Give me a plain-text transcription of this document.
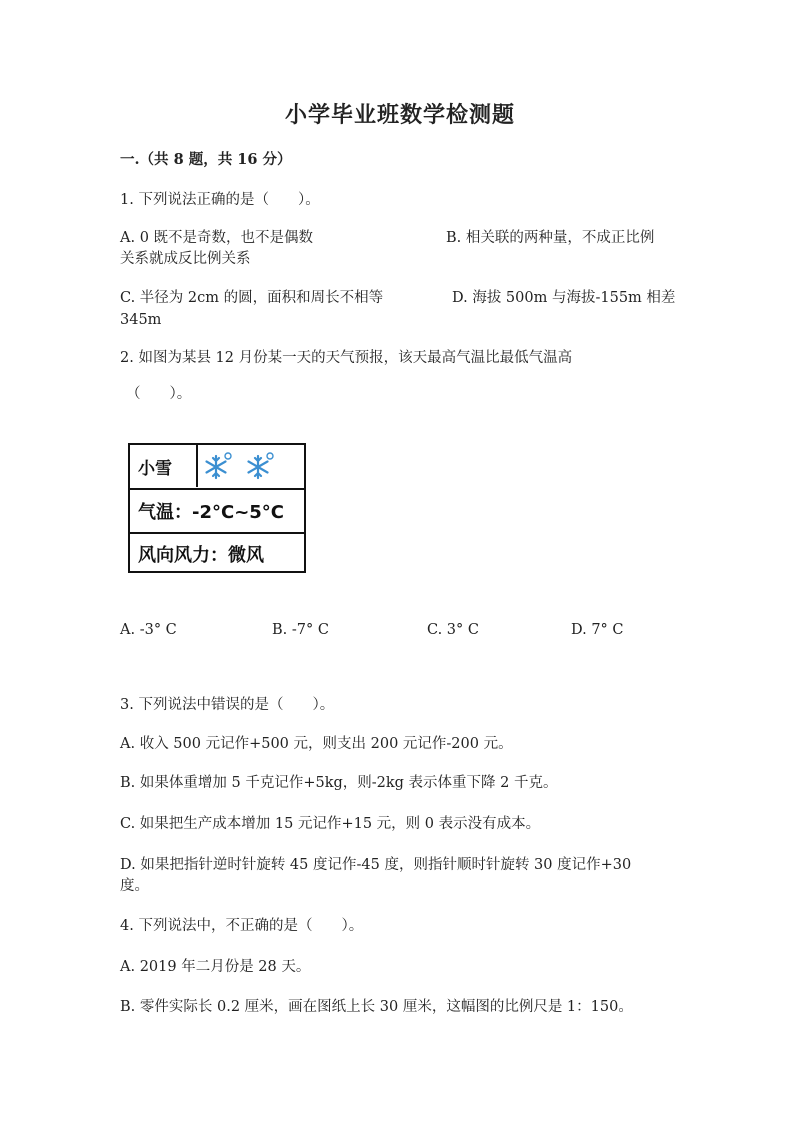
小学毕业班数学检测题
一.（共 8 题，共 16 分）
1. 下列说法正确的是（　　）。
A. 0 既不是奇数，也不是偶数	B. 相关联的两种量，不成正比例
关系就成反比例关系
C. 半径为 2cm 的圆，面积和周长不相等	D. 海拔 500m 与海拔-155m 相差
345m
2. 如图为某县 12 月份某一天的天气预报，该天最高气温比最低气温高
（　　）。
小雪
气温：-2°C~5°C
风向风力：微风
A. -3° C	B. -7° C	C. 3° C	D. 7° C
3. 下列说法中错误的是（　　）。
A. 收入 500 元记作+500 元，则支出 200 元记作-200 元。
B. 如果体重增加 5 千克记作+5kg，则-2kg 表示体重下降 2 千克。
C. 如果把生产成本增加 15 元记作+15 元，则 0 表示没有成本。
D. 如果把指针逆时针旋转 45 度记作-45 度，则指针顺时针旋转 30 度记作+30
度。
4. 下列说法中，不正确的是（　　）。
A. 2019 年二月份是 28 天。
B. 零件实际长 0.2 厘米，画在图纸上长 30 厘米，这幅图的比例尺是 1：150。
